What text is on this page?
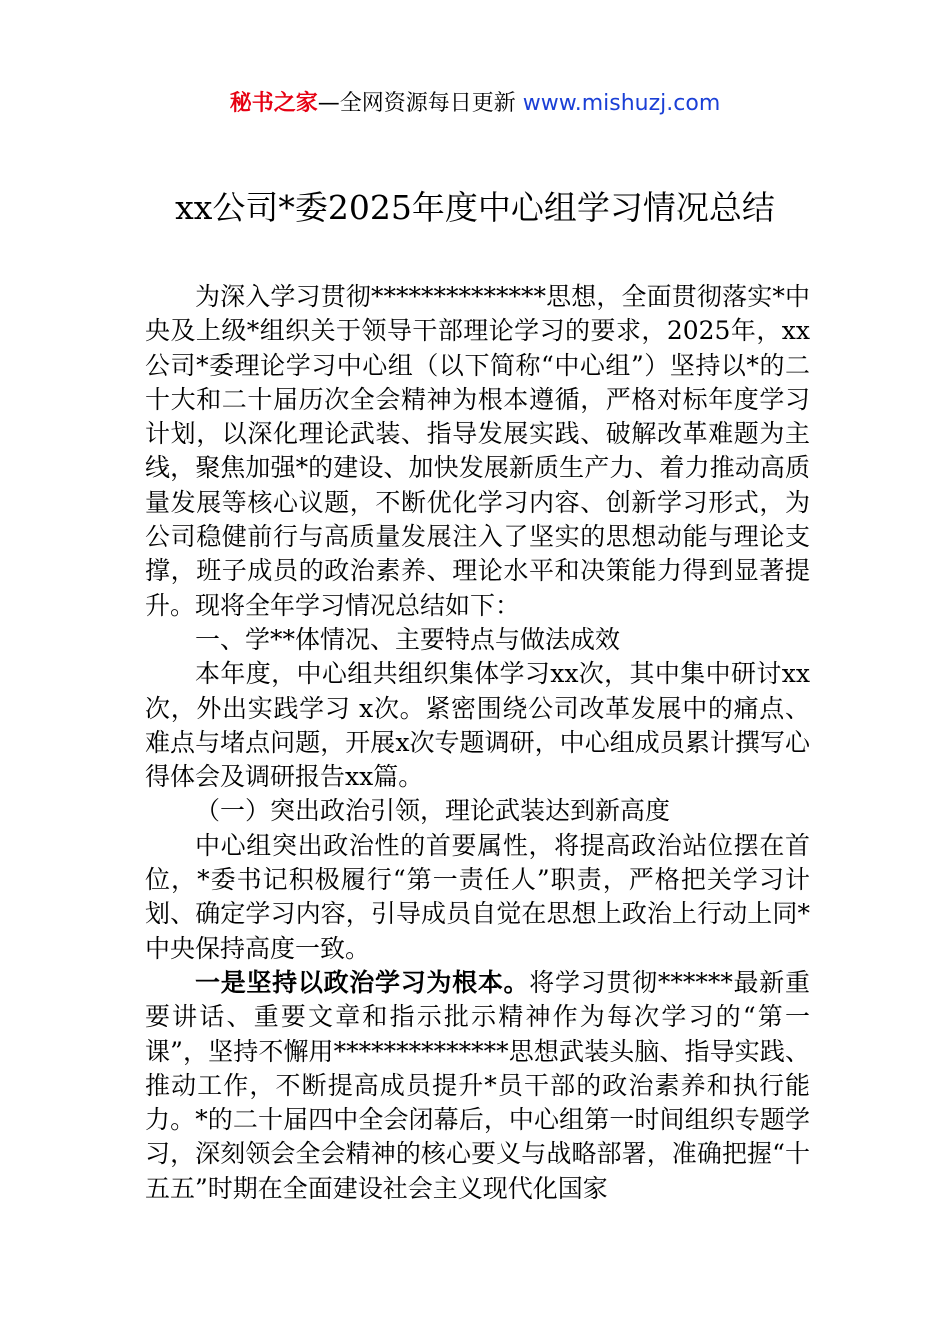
秘书之家—全网资源每日更新 www.mishuzj.com
xx公司*委2025年度中心组学习情况总结

为深入学习贯彻**************思想，全面贯彻落实*中央及上级*组织关于领导干部理论学习的要求，2025年，xx公司*委理论学习中心组（以下简称“中心组”）坚持以*的二十大和二十届历次全会精神为根本遵循，严格对标年度学习计划，以深化理论武装、指导发展实践、破解改革难题为主线，聚焦加强*的建设、加快发展新质生产力、着力推动高质量发展等核心议题，不断优化学习内容、创新学习形式，为公司稳健前行与高质量发展注入了坚实的思想动能与理论支撑，班子成员的政治素养、理论水平和决策能力得到显著提升。现将全年学习情况总结如下：

一、学**体情况、主要特点与做法成效

本年度，中心组共组织集体学习xx次，其中集中研讨xx次，外出实践学习 x次。紧密围绕公司改革发展中的痛点、难点与堵点问题，开展x次专题调研，中心组成员累计撰写心得体会及调研报告xx篇。

（一）突出政治引领，理论武装达到新高度

中心组突出政治性的首要属性，将提高政治站位摆在首位，*委书记积极履行“第一责任人”职责，严格把关学习计划、确定学习内容，引导成员自觉在思想上政治上行动上同*中央保持高度一致。

一是坚持以政治学习为根本。将学习贯彻******最新重要讲话、重要文章和指示批示精神作为每次学习的“第一课”，坚持不懈用**************思想武装头脑、指导实践、推动工作，不断提高成员提升*员干部的政治素养和执行能力。*的二十届四中全会闭幕后，中心组第一时间组织专题学习，深刻领会全会精神的核心要义与战略部署，准确把握“十五五”时期在全面建设社会主义现代化国家
